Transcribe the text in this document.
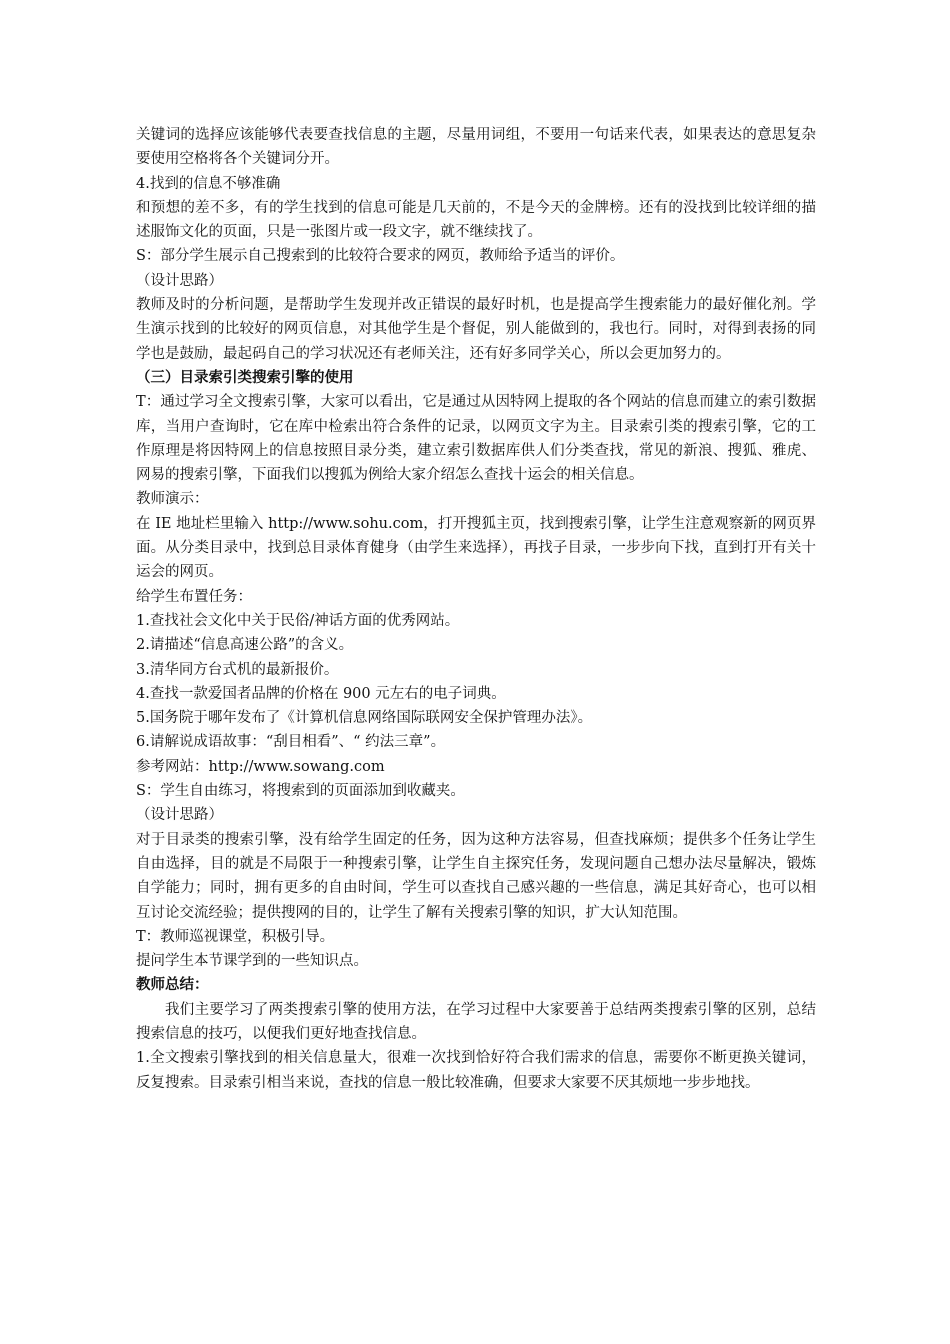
关键词的选择应该能够代表要查找信息的主题，尽量用词组，不要用一句话来代表，如果表达的意思复杂要使用空格将各个关键词分开。

4.找到的信息不够准确

和预想的差不多，有的学生找到的信息可能是几天前的，不是今天的金牌榜。还有的没找到比较详细的描述服饰文化的页面，只是一张图片或一段文字，就不继续找了。

S：部分学生展示自己搜索到的比较符合要求的网页，教师给予适当的评价。

（设计思路）

教师及时的分析问题，是帮助学生发现并改正错误的最好时机，也是提高学生搜索能力的最好催化剂。学生演示找到的比较好的网页信息，对其他学生是个督促，别人能做到的，我也行。同时，对得到表扬的同学也是鼓励，最起码自己的学习状况还有老师关注，还有好多同学关心，所以会更加努力的。

（三）目录索引类搜索引擎的使用

T：通过学习全文搜索引擎，大家可以看出，它是通过从因特网上提取的各个网站的信息而建立的索引数据库，当用户查询时，它在库中检索出符合条件的记录，以网页文字为主。目录索引类的搜索引擎，它的工作原理是将因特网上的信息按照目录分类，建立索引数据库供人们分类查找，常见的新浪、搜狐、雅虎、网易的搜索引擎，下面我们以搜狐为例给大家介绍怎么查找十运会的相关信息。

教师演示：

在 IE 地址栏里输入 http://www.sohu.com，打开搜狐主页，找到搜索引擎，让学生注意观察新的网页界面。从分类目录中，找到总目录体育健身（由学生来选择），再找子目录，一步步向下找，直到打开有关十运会的网页。

给学生布置任务：

1.查找社会文化中关于民俗/神话方面的优秀网站。

2.请描述“信息高速公路”的含义。

3.清华同方台式机的最新报价。

4.查找一款爱国者品牌的价格在 900 元左右的电子词典。

5.国务院于哪年发布了《计算机信息网络国际联网安全保护管理办法》。

6.请解说成语故事：“刮目相看”、“ 约法三章”。

参考网站：http://www.sowang.com

S：学生自由练习，将搜索到的页面添加到收藏夹。

（设计思路）

对于目录类的搜索引擎，没有给学生固定的任务，因为这种方法容易，但查找麻烦；提供多个任务让学生自由选择，目的就是不局限于一种搜索引擎，让学生自主探究任务，发现问题自己想办法尽量解决，锻炼自学能力；同时，拥有更多的自由时间，学生可以查找自己感兴趣的一些信息，满足其好奇心，也可以相互讨论交流经验；提供搜网的目的，让学生了解有关搜索引擎的知识，扩大认知范围。

T：教师巡视课堂，积极引导。

提问学生本节课学到的一些知识点。

教师总结：

我们主要学习了两类搜索引擎的使用方法，在学习过程中大家要善于总结两类搜索引擎的区别，总结搜索信息的技巧，以便我们更好地查找信息。

1.全文搜索引擎找到的相关信息量大，很难一次找到恰好符合我们需求的信息，需要你不断更换关键词，反复搜索。目录索引相当来说，查找的信息一般比较准确，但要求大家要不厌其烦地一步步地找。
